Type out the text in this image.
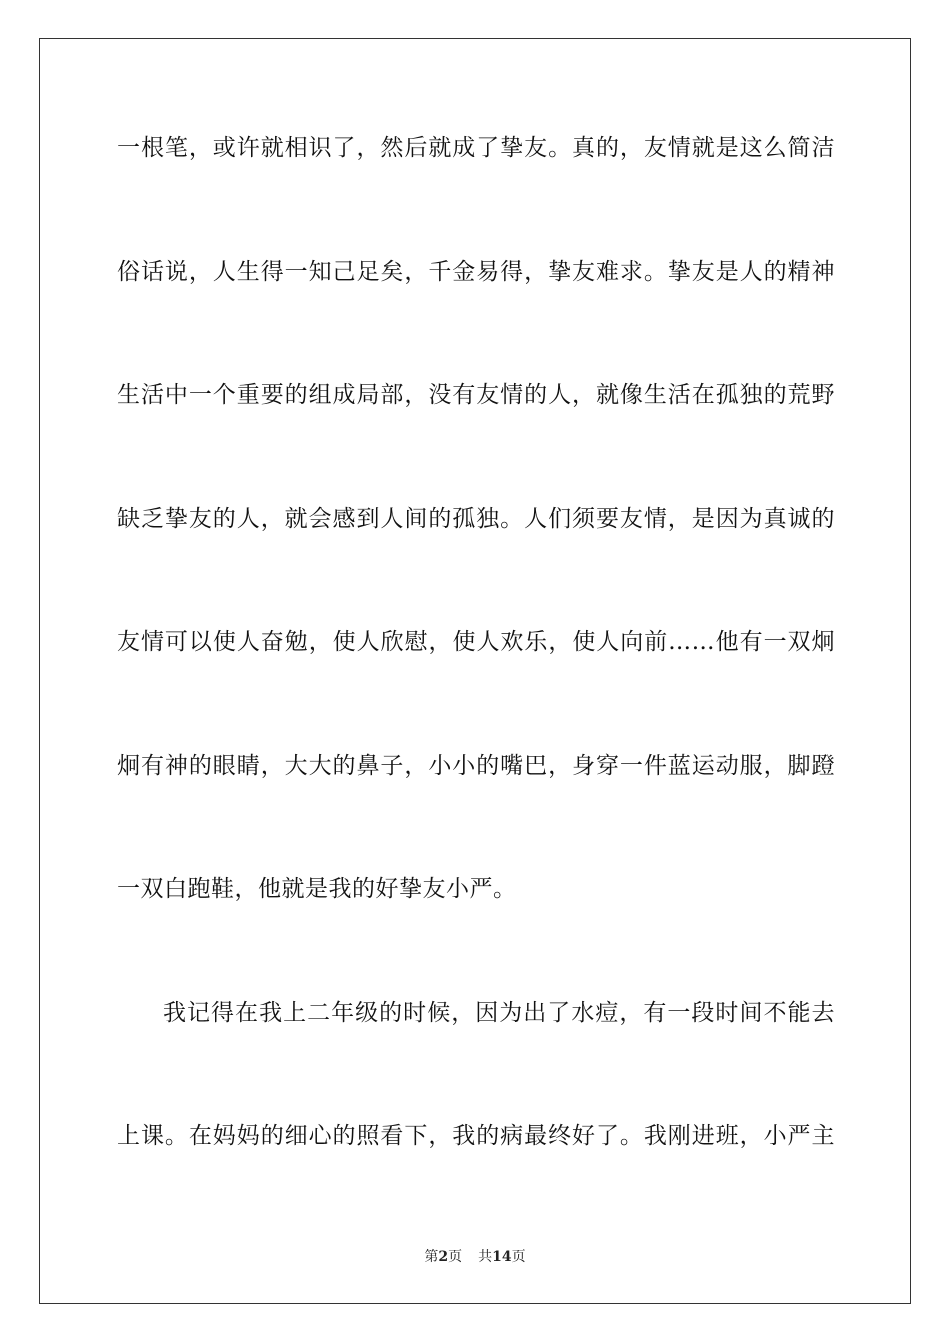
一根笔，或许就相识了，然后就成了挚友。真的，友情就是这么简洁
俗话说，人生得一知己足矣，千金易得，挚友难求。挚友是人的精神
生活中一个重要的组成局部，没有友情的人，就像生活在孤独的荒野
缺乏挚友的人，就会感到人间的孤独。人们须要友情，是因为真诚的
友情可以使人奋勉，使人欣慰，使人欢乐，使人向前……他有一双炯
炯有神的眼睛，大大的鼻子，小小的嘴巴，身穿一件蓝运动服，脚蹬
一双白跑鞋，他就是我的好挚友小严。
我记得在我上二年级的时候，因为出了水痘，有一段时间不能去
上课。在妈妈的细心的照看下，我的病最终好了。我刚进班，小严主
第2页 共14页
